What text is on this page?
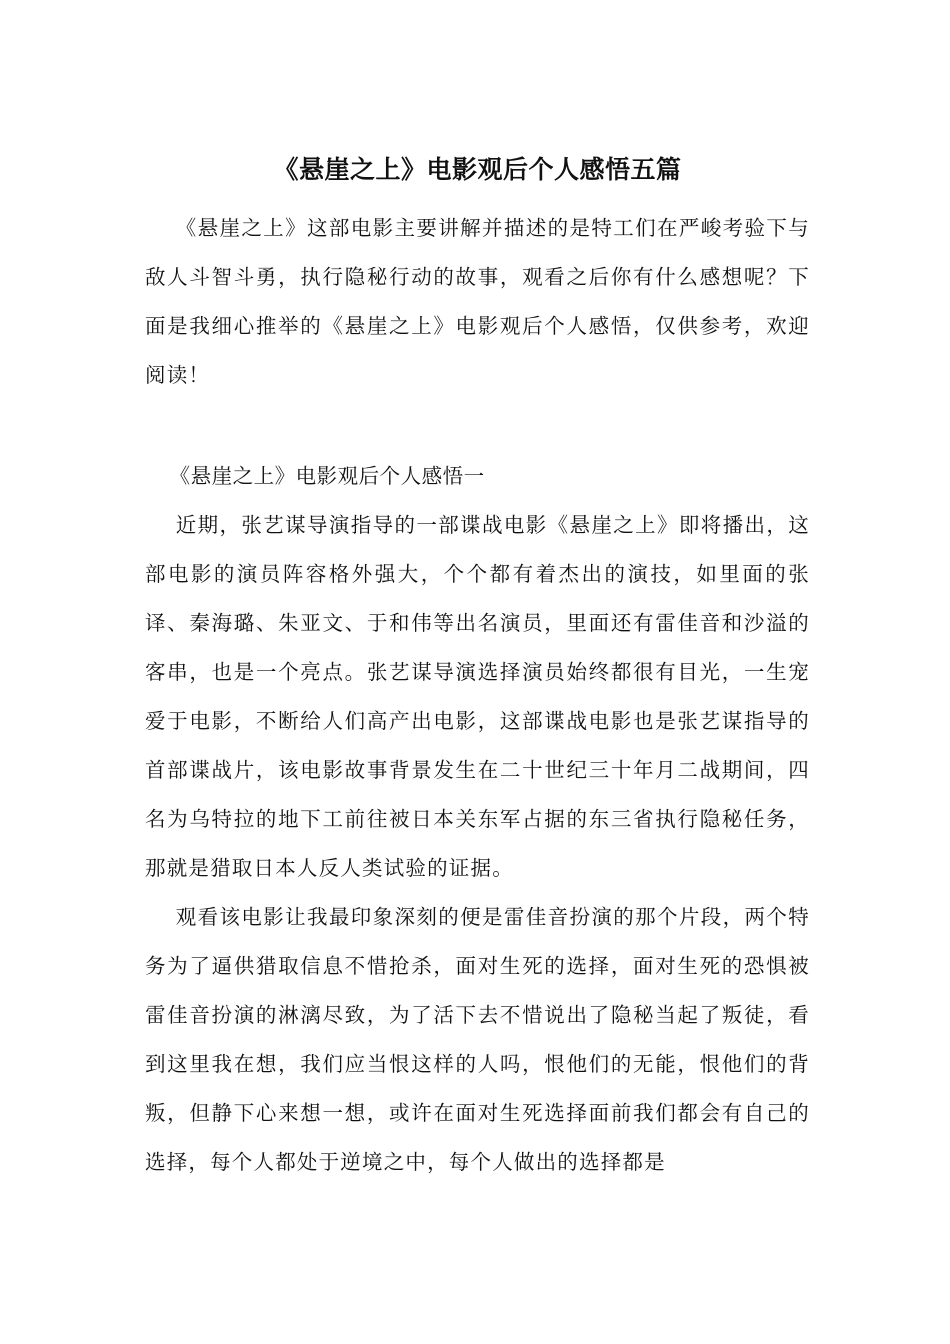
《悬崖之上》电影观后个人感悟五篇

《悬崖之上》这部电影主要讲解并描述的是特工们在严峻考验下与敌人斗智斗勇，执行隐秘行动的故事，观看之后你有什么感想呢？下面是我细心推举的《悬崖之上》电影观后个人感悟，仅供参考，欢迎阅读！

《悬崖之上》电影观后个人感悟一

近期，张艺谋导演指导的一部谍战电影《悬崖之上》即将播出，这部电影的演员阵容格外强大，个个都有着杰出的演技，如里面的张译、秦海璐、朱亚文、于和伟等出名演员，里面还有雷佳音和沙溢的客串，也是一个亮点。张艺谋导演选择演员始终都很有目光，一生宠爱于电影，不断给人们高产出电影，这部谍战电影也是张艺谋指导的首部谍战片，该电影故事背景发生在二十世纪三十年月二战期间，四名为乌特拉的地下工前往被日本关东军占据的东三省执行隐秘任务，那就是猎取日本人反人类试验的证据。

观看该电影让我最印象深刻的便是雷佳音扮演的那个片段，两个特务为了逼供猎取信息不惜抢杀，面对生死的选择，面对生死的恐惧被雷佳音扮演的淋漓尽致，为了活下去不惜说出了隐秘当起了叛徒，看到这里我在想，我们应当恨这样的人吗，恨他们的无能，恨他们的背叛，但静下心来想一想，或许在面对生死选择面前我们都会有自己的选择，每个人都处于逆境之中，每个人做出的选择都是
